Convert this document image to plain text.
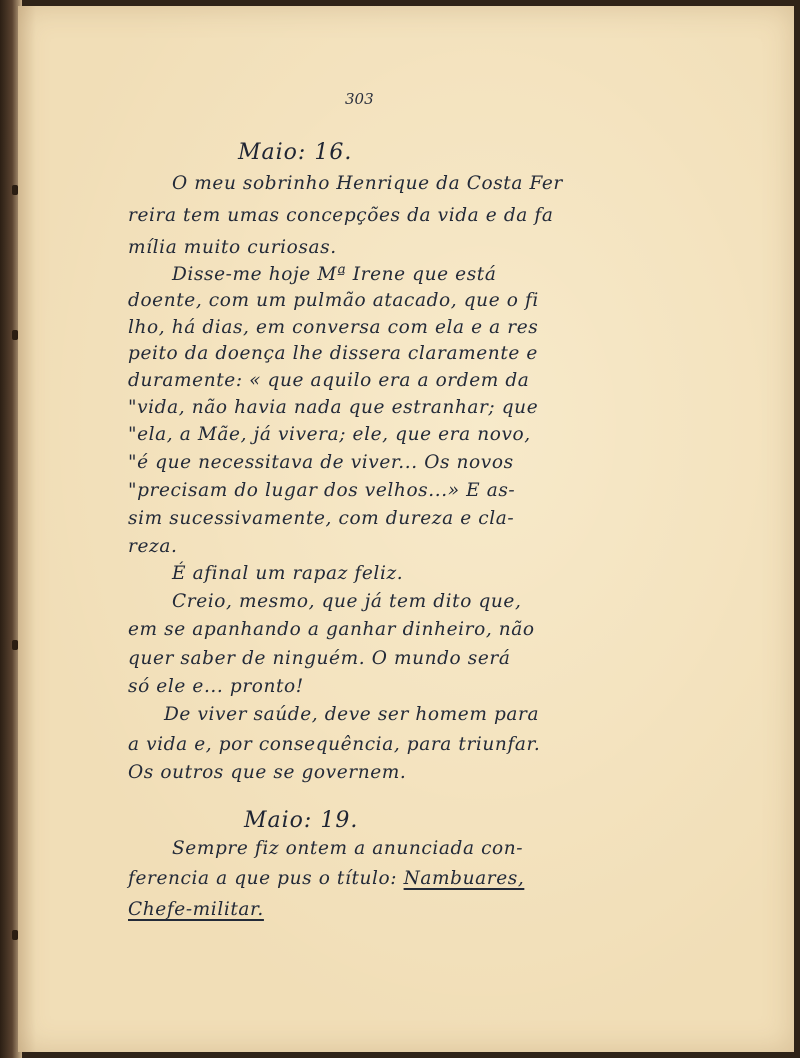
303

Maio: 16.

O meu sobrinho Henrique da Costa Fer

reira tem umas concepções da vida e da fa

mília muito curiosas.

Disse-me hoje Mª Irene que está

doente, com um pulmão atacado, que o fi

lho, há dias, em conversa com ela e a res

peito da doença lhe dissera claramente e

duramente: « que aquilo era a ordem da

"vida, não havia nada que estranhar; que

"ela, a Mãe, já vivera; ele, que era novo,

"é que necessitava de viver... Os novos

"precisam do lugar dos velhos...» E as-

sim sucessivamente, com dureza e cla-

reza.

É afinal um rapaz feliz.

Creio, mesmo, que já tem dito que,

em se apanhando a ganhar dinheiro, não

quer saber de ninguém. O mundo será

só ele e... pronto!

De viver saúde, deve ser homem para

a vida e, por consequência, para triunfar.

Os outros que se governem.

Maio: 19.

Sempre fiz ontem a anunciada con-

ferencia a que pus o título: Nambuares,

Chefe-militar.
